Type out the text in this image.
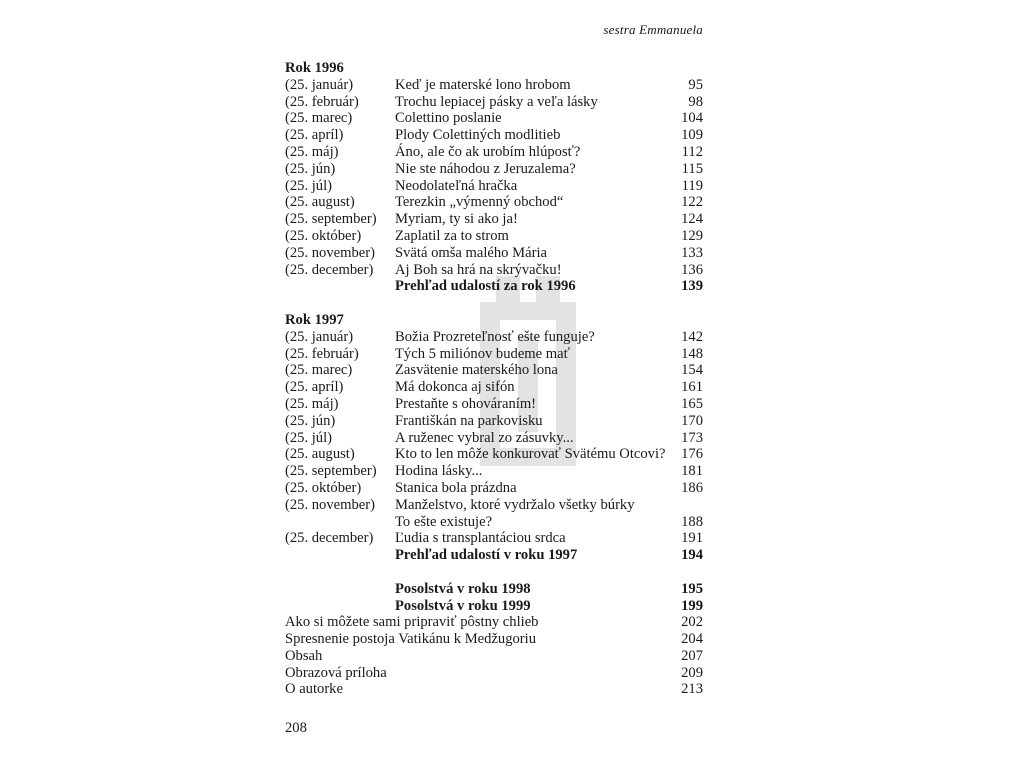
sestra Emmanuela
Rok 1996
(25. január)	Keď je materské lono hrobom	95
(25. február) Trochu lepiacej pásky a veľa lásky	98
(25. marec)	Colettino poslanie	104
(25. apríl)	Plody Colettiných modlitieb	109
(25. máj)	Áno, ale čo ak urobím hlúposť?	112
(25. jún)	Nie ste náhodou z Jeruzalema?	115
(25. júl)	Neodolateľná hračka	119
(25. august)	Terezkin „výmenný obchod“	122
(25. september) Myriam, ty si ako ja!	124
(25. október) Zaplatil za to strom	129
(25. november) Svätá omša malého Mária	133
(25. december) Aj Boh sa hrá na skrývačku!	136
Prehľad udalostí za rok 1996	139
Rok 1997
(25. január)	Božia Prozreteľnosť ešte funguje?	142
(25. február) Tých 5 miliónov budeme mať	148
(25. marec)	Zasvätenie materského lona	154
(25. apríl)	Má dokonca aj sifón	161
(25. máj)	Prestaňte s ohováraním!	165
(25. jún)	Františkán na parkovisku	170
(25. júl)	A ruženec vybral zo zásuvky...	173
(25. august)	Kto to len môže konkurovať Svätému Otcovi? 176
(25. september) Hodina lásky...	181
(25. október) Stanica bola prázdna	186
(25. november) Manželstvo, ktoré vydržalo všetky búrky
To ešte existuje?	188
(25. december) Ľudia s transplantáciou srdca	191
Prehľad udalostí v roku 1997	194
Posolstvá v roku 1998	195
Posolstvá v roku 1999	199
Ako si môžete sami pripraviť pôstny chlieb	202
Spresnenie postoja Vatikánu k Medžugoriu	204
Obsah	207
Obrazová príloha	209
O autorke	213
208
